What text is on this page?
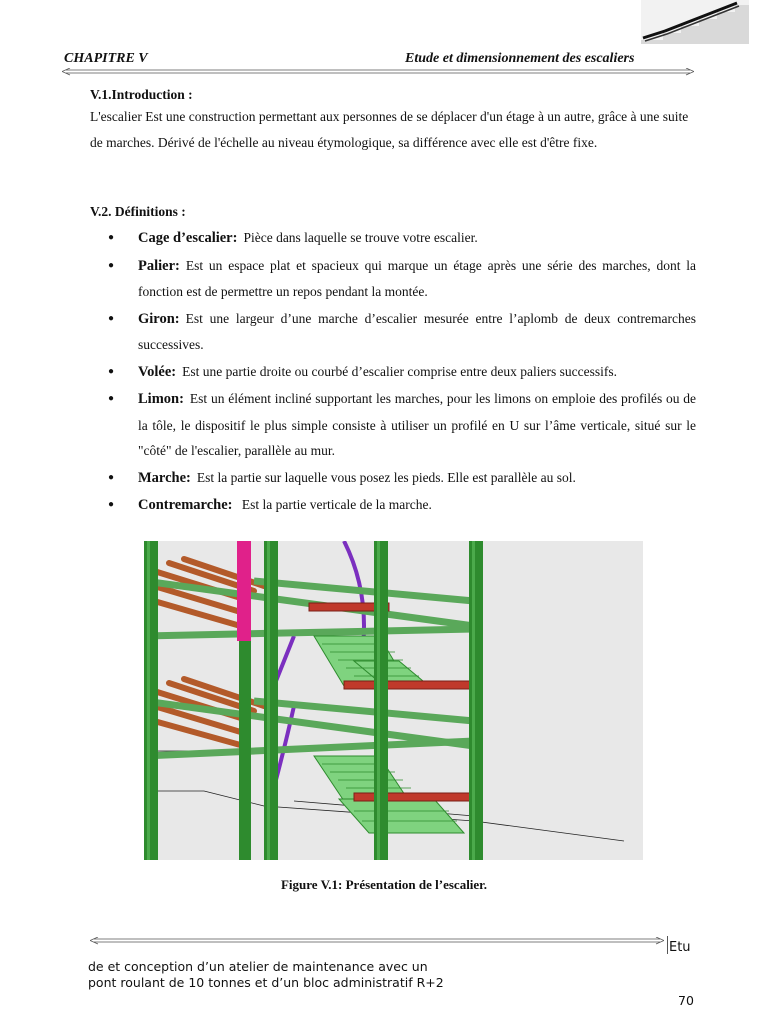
CHAPITRE V	Etude et dimensionnement des escaliers
V.1.Introduction :
L'escalier Est une construction permettant aux personnes de se déplacer d'un étage à un autre, grâce à une suite de marches. Dérivé de l'échelle au niveau étymologique, sa différence avec elle est d'être fixe.
V.2. Définitions :
● Cage d’escalier: Pièce dans laquelle se trouve votre escalier.
● Palier: Est un espace plat et spacieux qui marque un étage après une série des marches, dont la fonction est de permettre un repos pendant la montée.
● Giron: Est une largeur d’une marche d’escalier mesurée entre l’aplomb de deux contremarches successives.
● Volée: Est une partie droite ou courbé d’escalier comprise entre deux paliers successifs.
● Limon: Est un élément incliné supportant les marches, pour les limons on emploie des profilés ou de la tôle, le dispositif le plus simple consiste à utiliser un profilé en U sur l’âme verticale, situé sur le "côté" de l'escalier, parallèle au mur.
● Marche: Est la partie sur laquelle vous posez les pieds. Elle est parallèle au sol.
● Contremarche: Est la partie verticale de la marche.
Figure V.1: Présentation de l’escalier.
Etu
de et conception d’un atelier de maintenance avec un
pont roulant de 10 tonnes et d’un bloc administratif R+2
70
